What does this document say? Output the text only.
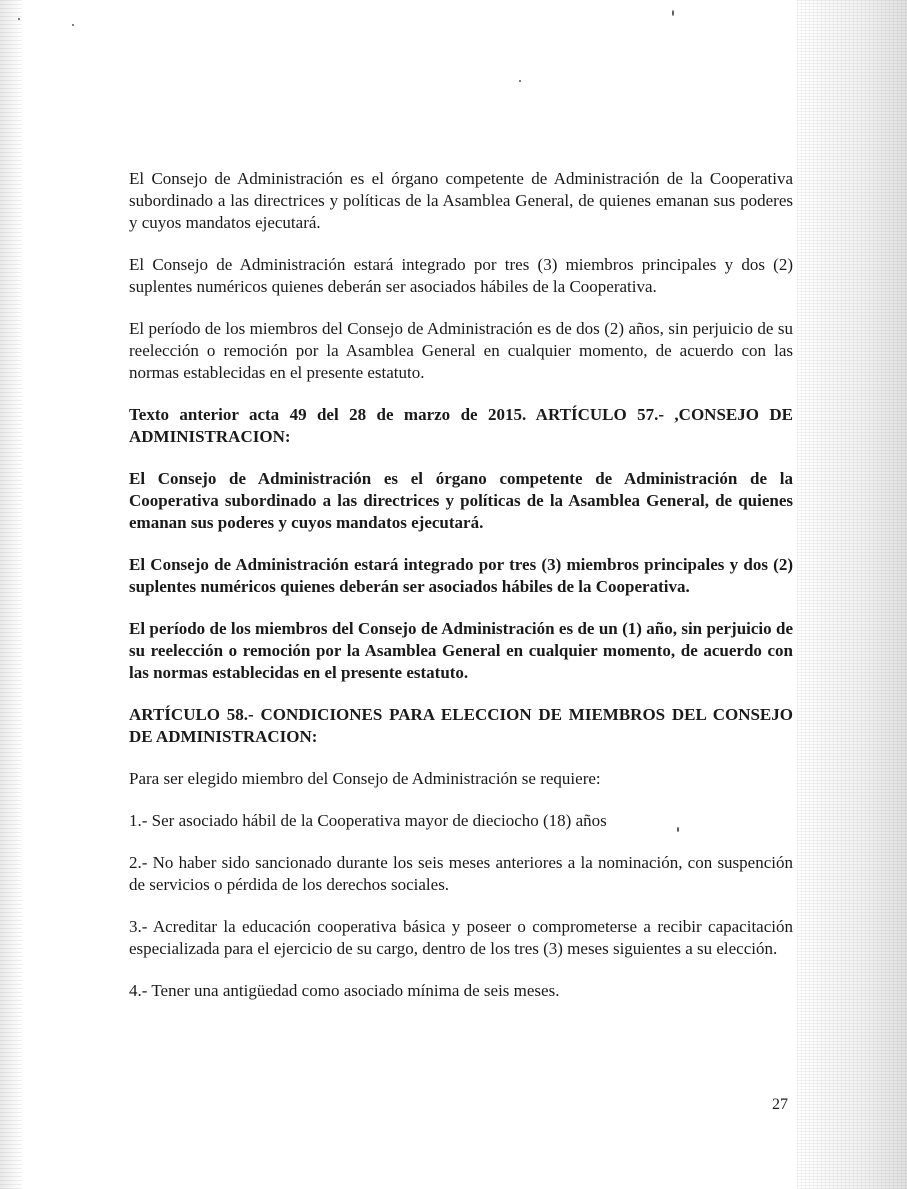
El Consejo de Administración es el órgano competente de Administración de la Cooperativa subordinado a las directrices y políticas de la Asamblea General, de quienes emanan sus poderes y cuyos mandatos ejecutará.

El Consejo de Administración estará integrado por tres (3) miembros principales y dos (2) suplentes numéricos quienes deberán ser asociados hábiles de la Cooperativa.

El período de los miembros del Consejo de Administración es de dos (2) años, sin perjuicio de su reelección o remoción por la Asamblea General en cualquier momento, de acuerdo con las normas establecidas en el presente estatuto.

Texto anterior acta 49 del 28 de marzo de 2015. ARTÍCULO 57.- ,CONSEJO DE ADMINISTRACION:

El Consejo de Administración es el órgano competente de Administración de la Cooperativa subordinado a las directrices y políticas de la Asamblea General, de quienes emanan sus poderes y cuyos mandatos ejecutará.

El Consejo de Administración estará integrado por tres (3) miembros principales y dos (2) suplentes numéricos quienes deberán ser asociados hábiles de la Cooperativa.

El período de los miembros del Consejo de Administración es de un (1) año, sin perjuicio de su reelección o remoción por la Asamblea General en cualquier momento, de acuerdo con las normas establecidas en el presente estatuto.

ARTÍCULO 58.- CONDICIONES PARA ELECCION DE MIEMBROS DEL CONSEJO DE ADMINISTRACION:

Para ser elegido miembro del Consejo de Administración se requiere:

1.- Ser asociado hábil de la Cooperativa mayor de dieciocho (18) años

2.- No haber sido sancionado durante los seis meses anteriores a la nominación, con suspención de servicios o pérdida de los derechos sociales.

3.- Acreditar la educación cooperativa básica y poseer o comprometerse a recibir capacitación especializada para el ejercicio de su cargo, dentro de los tres (3) meses siguientes a su elección.

4.- Tener una antigüedad como asociado mínima de seis meses.

27
